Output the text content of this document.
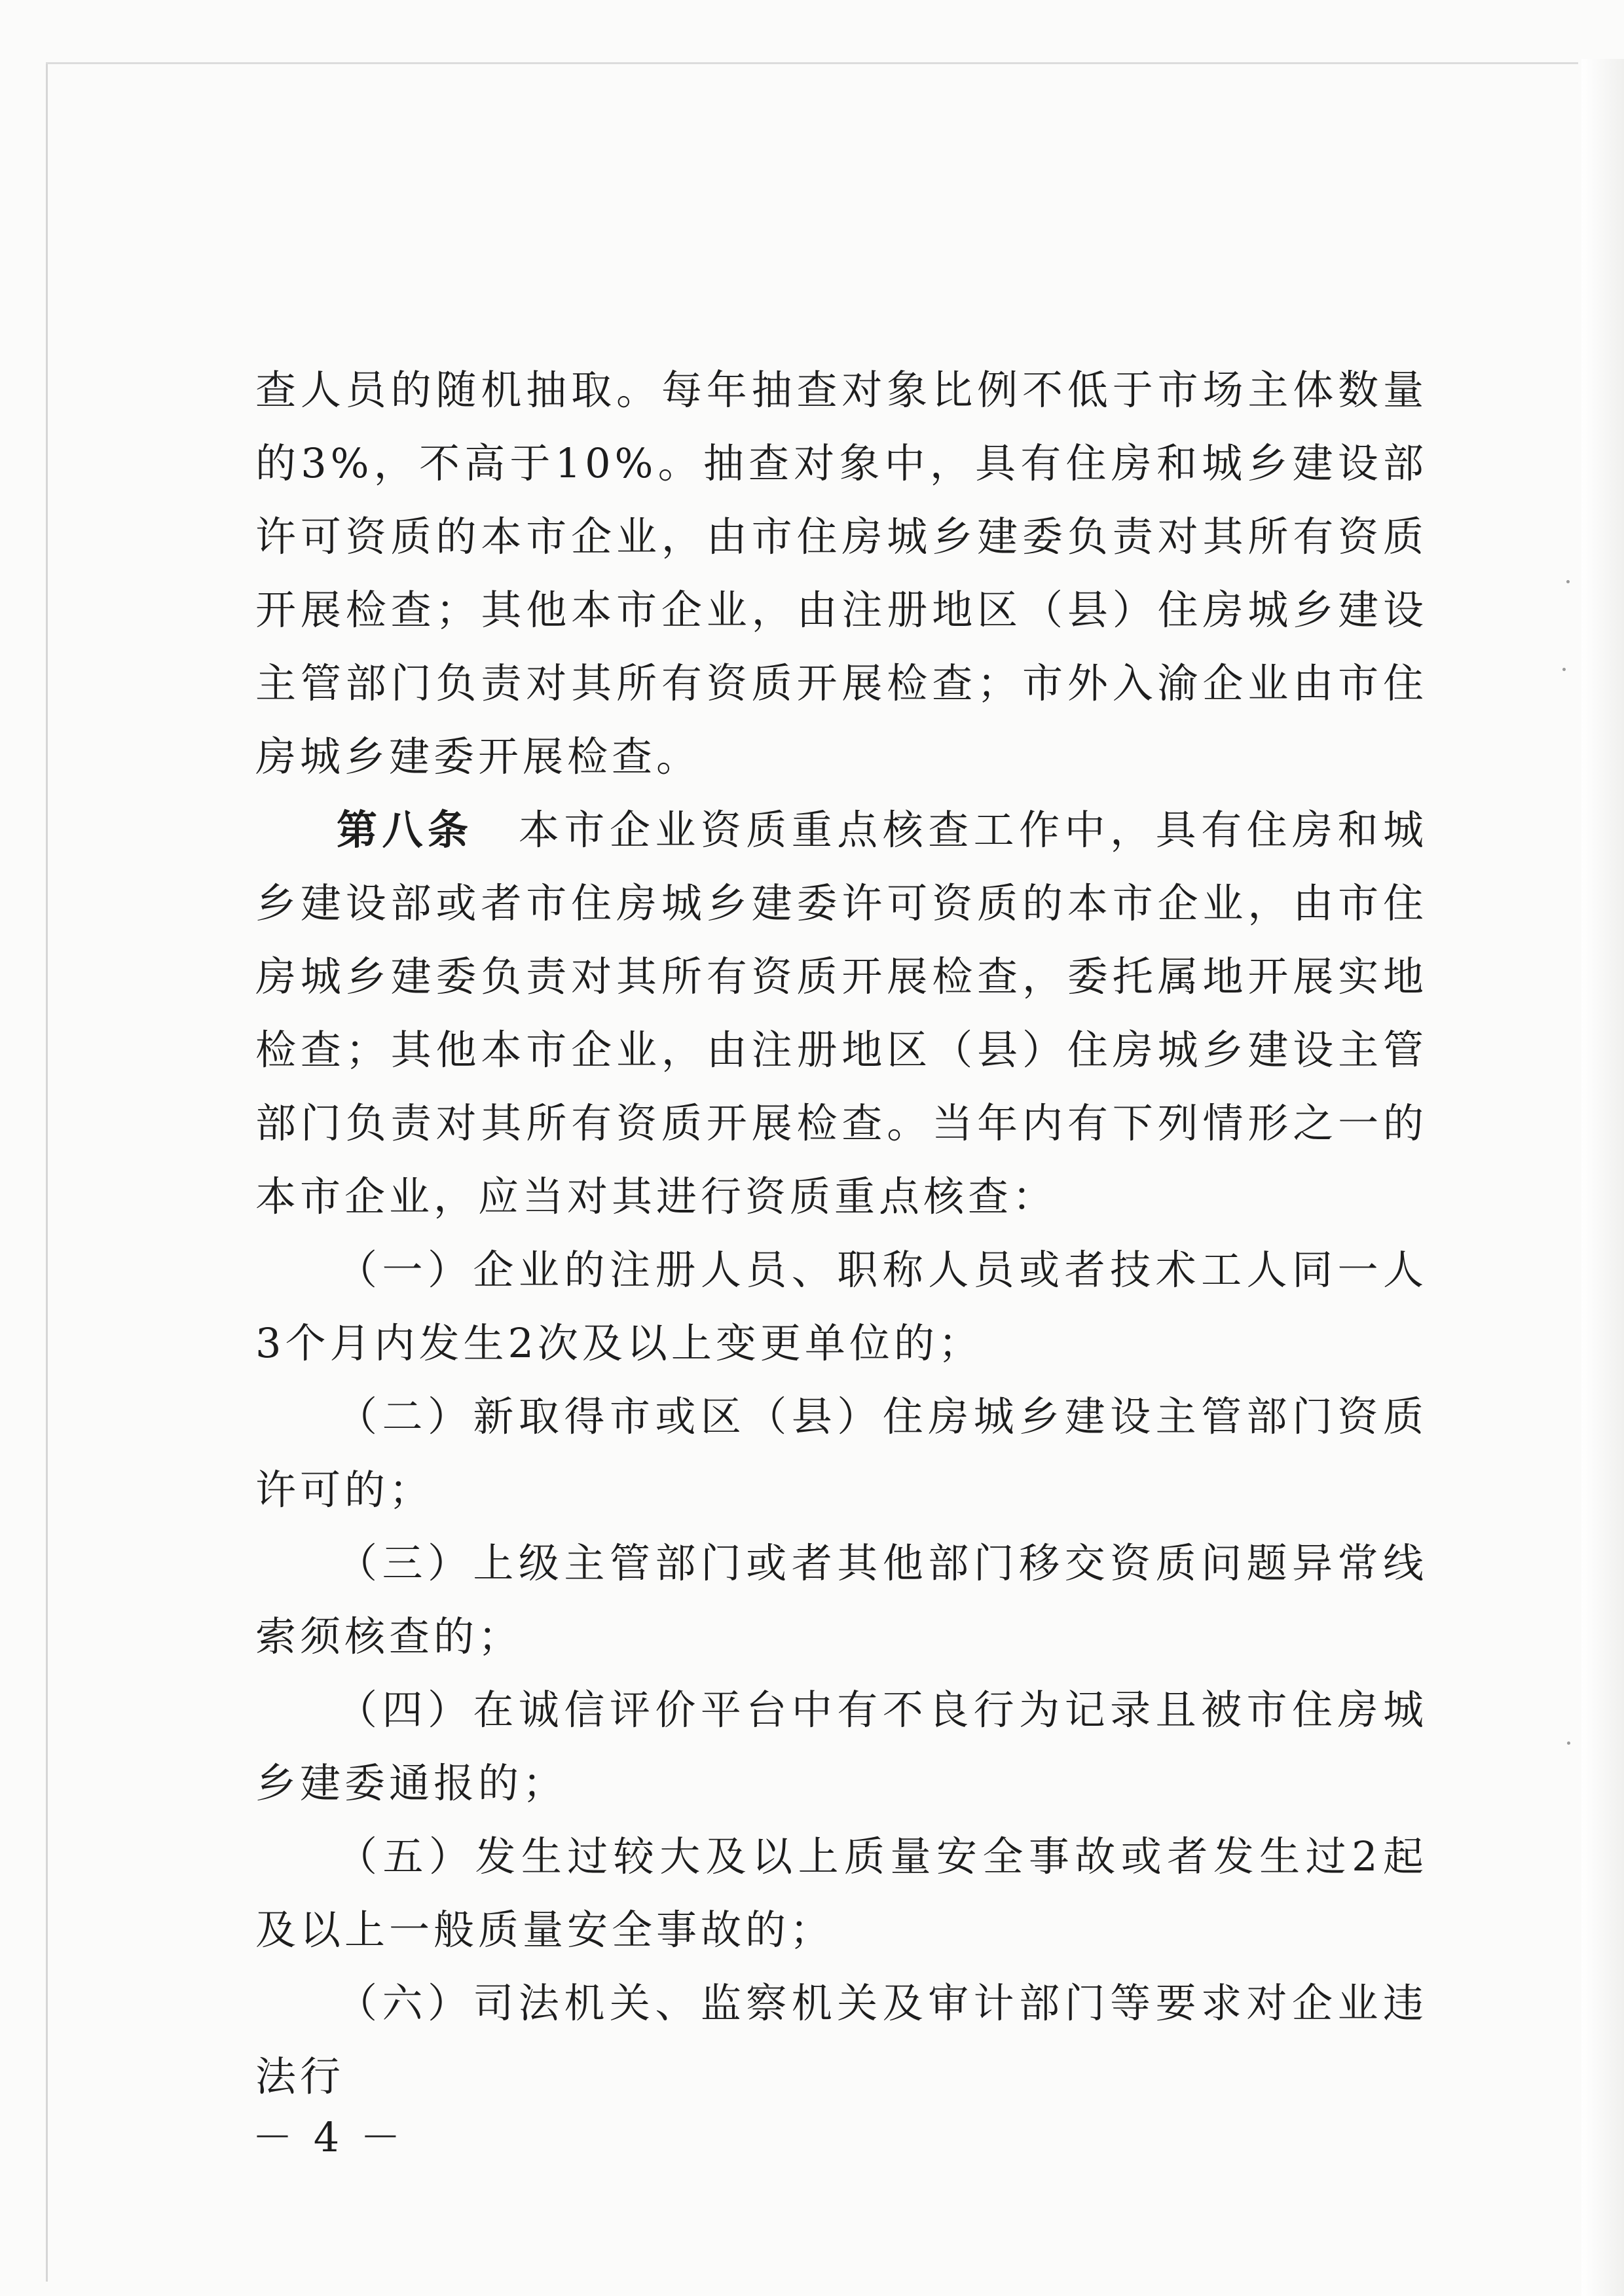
查人员的随机抽取。每年抽查对象比例不低于市场主体数量的3%，不高于10%。抽查对象中，具有住房和城乡建设部许可资质的本市企业，由市住房城乡建委负责对其所有资质开展检查；其他本市企业，由注册地区（县）住房城乡建设主管部门负责对其所有资质开展检查；市外入渝企业由市住房城乡建委开展检查。

第八条　 本市企业资质重点核查工作中，具有住房和城乡建设部或者市住房城乡建委许可资质的本市企业，由市住房城乡建委负责对其所有资质开展检查，委托属地开展实地检查；其他本市企业，由注册地区（县）住房城乡建设主管部门负责对其所有资质开展检查。当年内有下列情形之一的本市企业，应当对其进行资质重点核查：

（一）企业的注册人员、职称人员或者技术工人同一人3个月内发生2次及以上变更单位的；

（二）新取得市或区（县）住房城乡建设主管部门资质许可的；

（三）上级主管部门或者其他部门移交资质问题异常线索须核查的；

（四）在诚信评价平台中有不良行为记录且被市住房城乡建委通报的；

（五）发生过较大及以上质量安全事故或者发生过2起及以上一般质量安全事故的；

（六）司法机关、监察机关及审计部门等要求对企业违法行

－ 4 －
